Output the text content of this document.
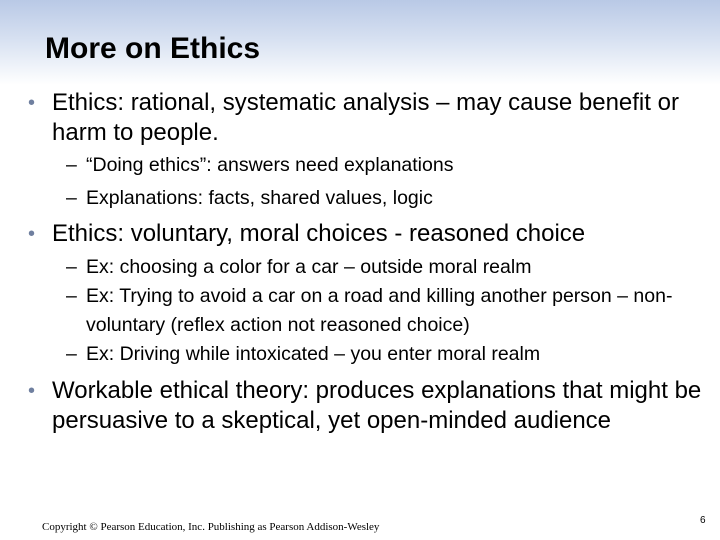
More on Ethics
• Ethics: rational, systematic analysis – may cause benefit or harm to people.
– “Doing ethics”: answers need explanations
– Explanations: facts, shared values, logic
• Ethics: voluntary, moral choices - reasoned choice
– Ex: choosing a color for a car – outside moral realm
– Ex: Trying to avoid a car on a road and killing another person – non-voluntary (reflex action not reasoned choice)
– Ex: Driving while intoxicated – you enter moral realm
• Workable ethical theory: produces explanations that might be persuasive to a skeptical, yet open-minded audience
Copyright © Pearson Education, Inc. Publishing as Pearson Addison-Wesley
6
